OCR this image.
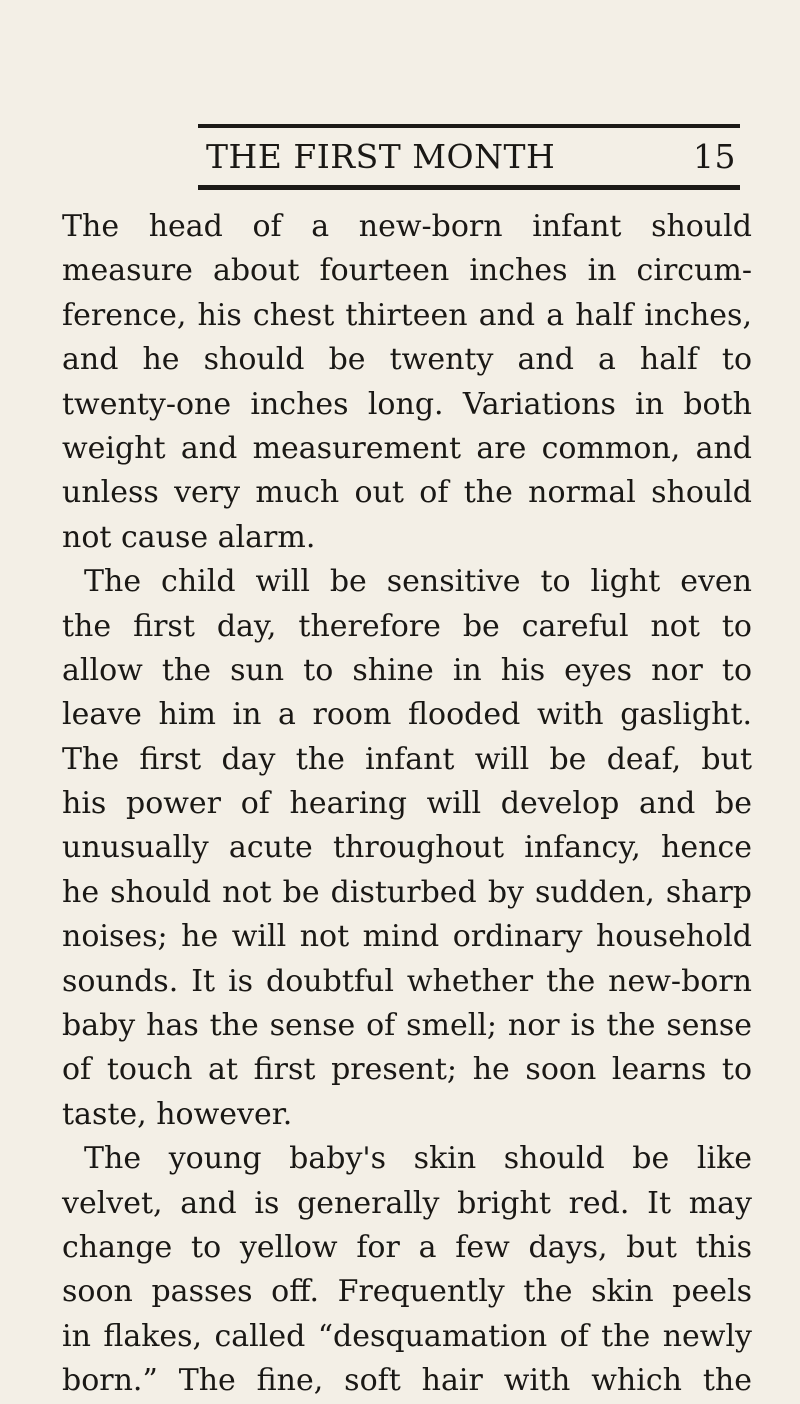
THE FIRST MONTH	15
The head of a new-born infant should
measure about fourteen inches in circum-
ference, his chest thirteen and a half inches,
and he should be twenty and a half to
twenty-one inches long. Variations in both
weight and measurement are common, and
unless very much out of the normal should
not cause alarm.
The child will be sensitive to light even
the first day, therefore be careful not to
allow the sun to shine in his eyes nor to
leave him in a room flooded with gaslight.
The first day the infant will be deaf, but
his power of hearing will develop and be
unusually acute throughout infancy, hence
he should not be disturbed by sudden, sharp
noises; he will not mind ordinary household
sounds. It is doubtful whether the new-born
baby has the sense of smell; nor is the sense
of touch at first present; he soon learns to
taste, however.
The young baby's skin should be like
velvet, and is generally bright red. It may
change to yellow for a few days, but this
soon passes off. Frequently the skin peels
in flakes, called “desquamation of the newly
born.” The fine, soft hair with which the
